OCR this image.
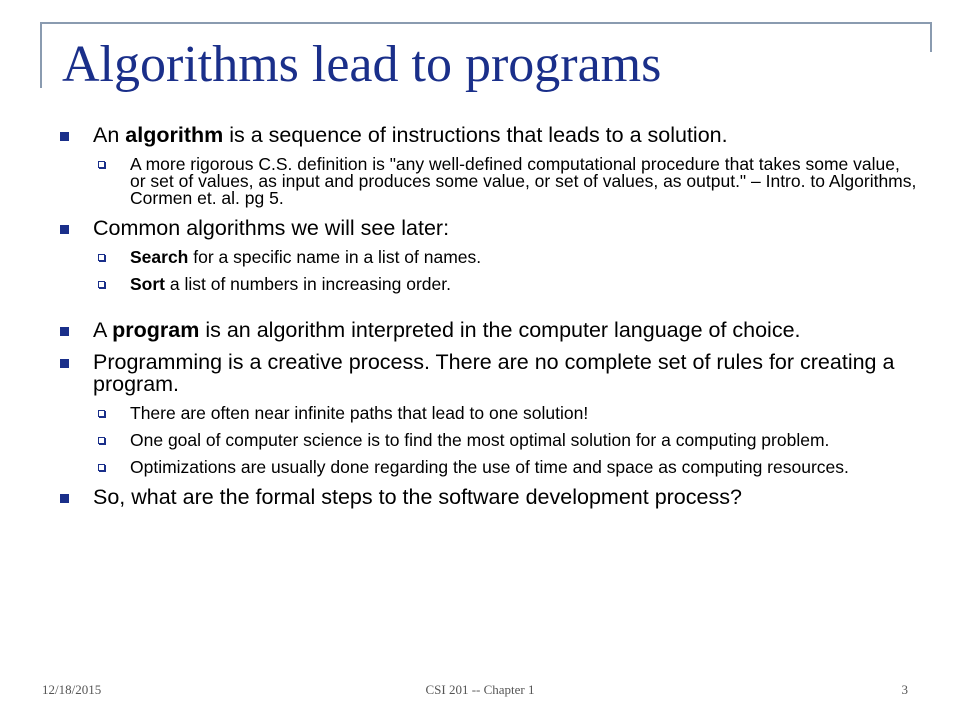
Algorithms lead to programs
An algorithm is a sequence of instructions that leads to a solution.
A more rigorous C.S. definition is "any well-defined computational procedure that takes some value, or set of values, as input and produces some value, or set of values, as output." – Intro. to Algorithms, Cormen et. al. pg 5.
Common algorithms we will see later:
Search for a specific name in a list of names.
Sort a list of numbers in increasing order.
A program is an algorithm interpreted in the computer language of choice.
Programming is a creative process. There are no complete set of rules for creating a program.
There are often near infinite paths that lead to one solution!
One goal of computer science is to find the most optimal solution for a computing problem.
Optimizations are usually done regarding the use of time and space as computing resources.
So, what are the formal steps to the software development process?
12/18/2015	CSI 201 -- Chapter 1	3
